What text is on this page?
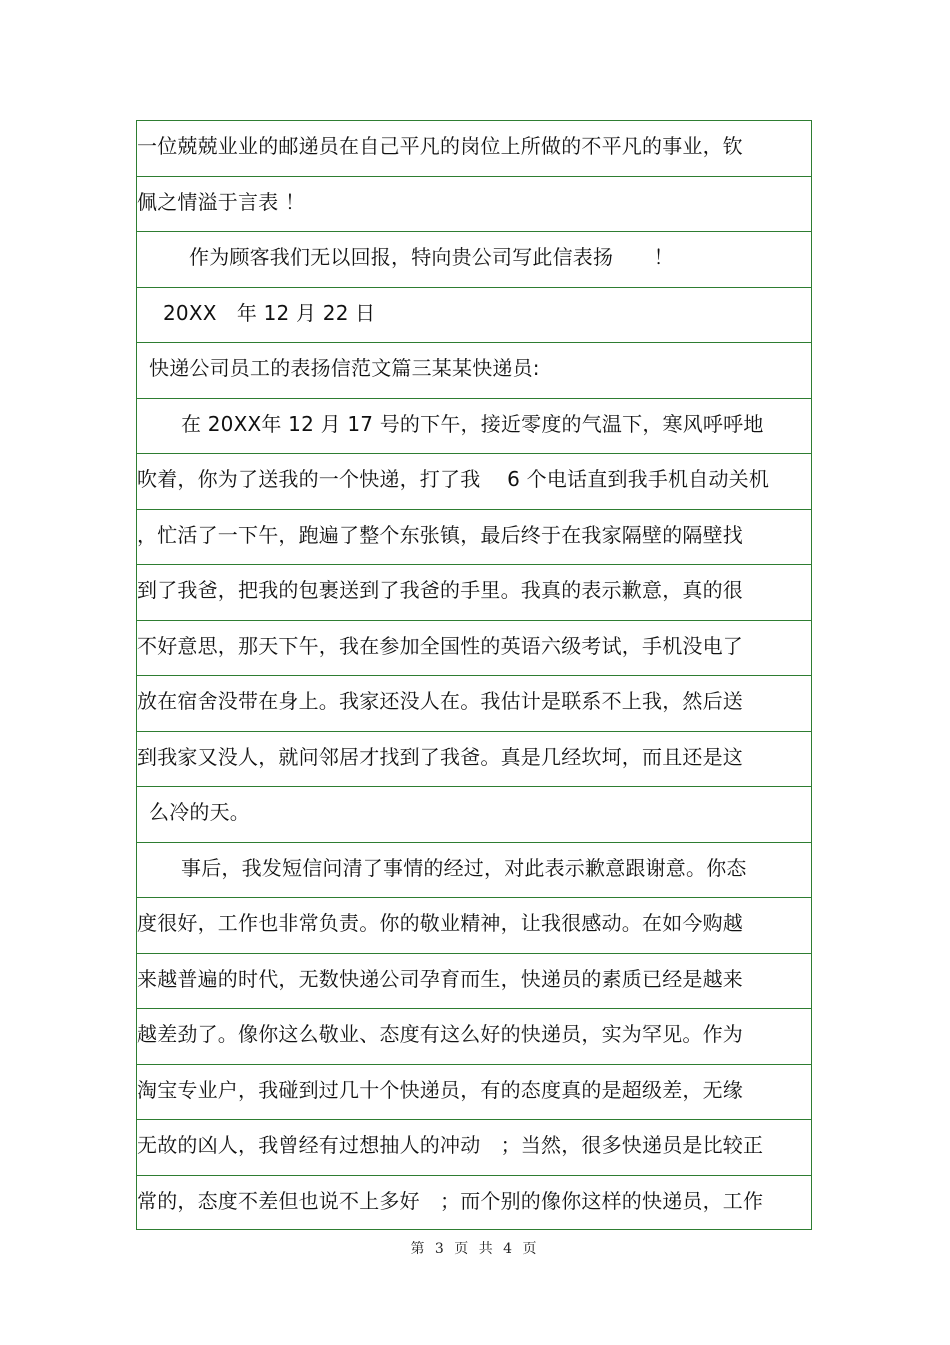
一位兢兢业业的邮递员在自己平凡的岗位上所做的不平凡的事业，钦
佩之情溢于言表 ！
作为顾客我们无以回报，特向贵公司写此信表扬　　！
20XX　年 12 月 22 日
快递公司员工的表扬信范文篇三某某快递员:
在 20XX年 12 月 17 号的下午，接近零度的气温下，寒风呼呼地
吹着，你为了送我的一个快递，打了我　 6 个电话直到我手机自动关机
，忙活了一下午，跑遍了整个东张镇，最后终于在我家隔壁的隔壁找
到了我爸，把我的包裹送到了我爸的手里。我真的表示歉意，真的很
不好意思，那天下午，我在参加全国性的英语六级考试，手机没电了
放在宿舍没带在身上。我家还没人在。我估计是联系不上我，然后送
到我家又没人，就问邻居才找到了我爸。真是几经坎坷，而且还是这
么冷的天。
事后，我发短信问清了事情的经过，对此表示歉意跟谢意。你态
度很好，工作也非常负责。你的敬业精神，让我很感动。在如今购越
来越普遍的时代，无数快递公司孕育而生，快递员的素质已经是越来
越差劲了。像你这么敬业、态度有这么好的快递员，实为罕见。作为
淘宝专业户，我碰到过几十个快递员，有的态度真的是超级差，无缘
无故的凶人，我曾经有过想抽人的冲动　；当然，很多快递员是比较正
常的，态度不差但也说不上多好　；而个别的像你这样的快递员，工作
第 3 页 共 4 页
